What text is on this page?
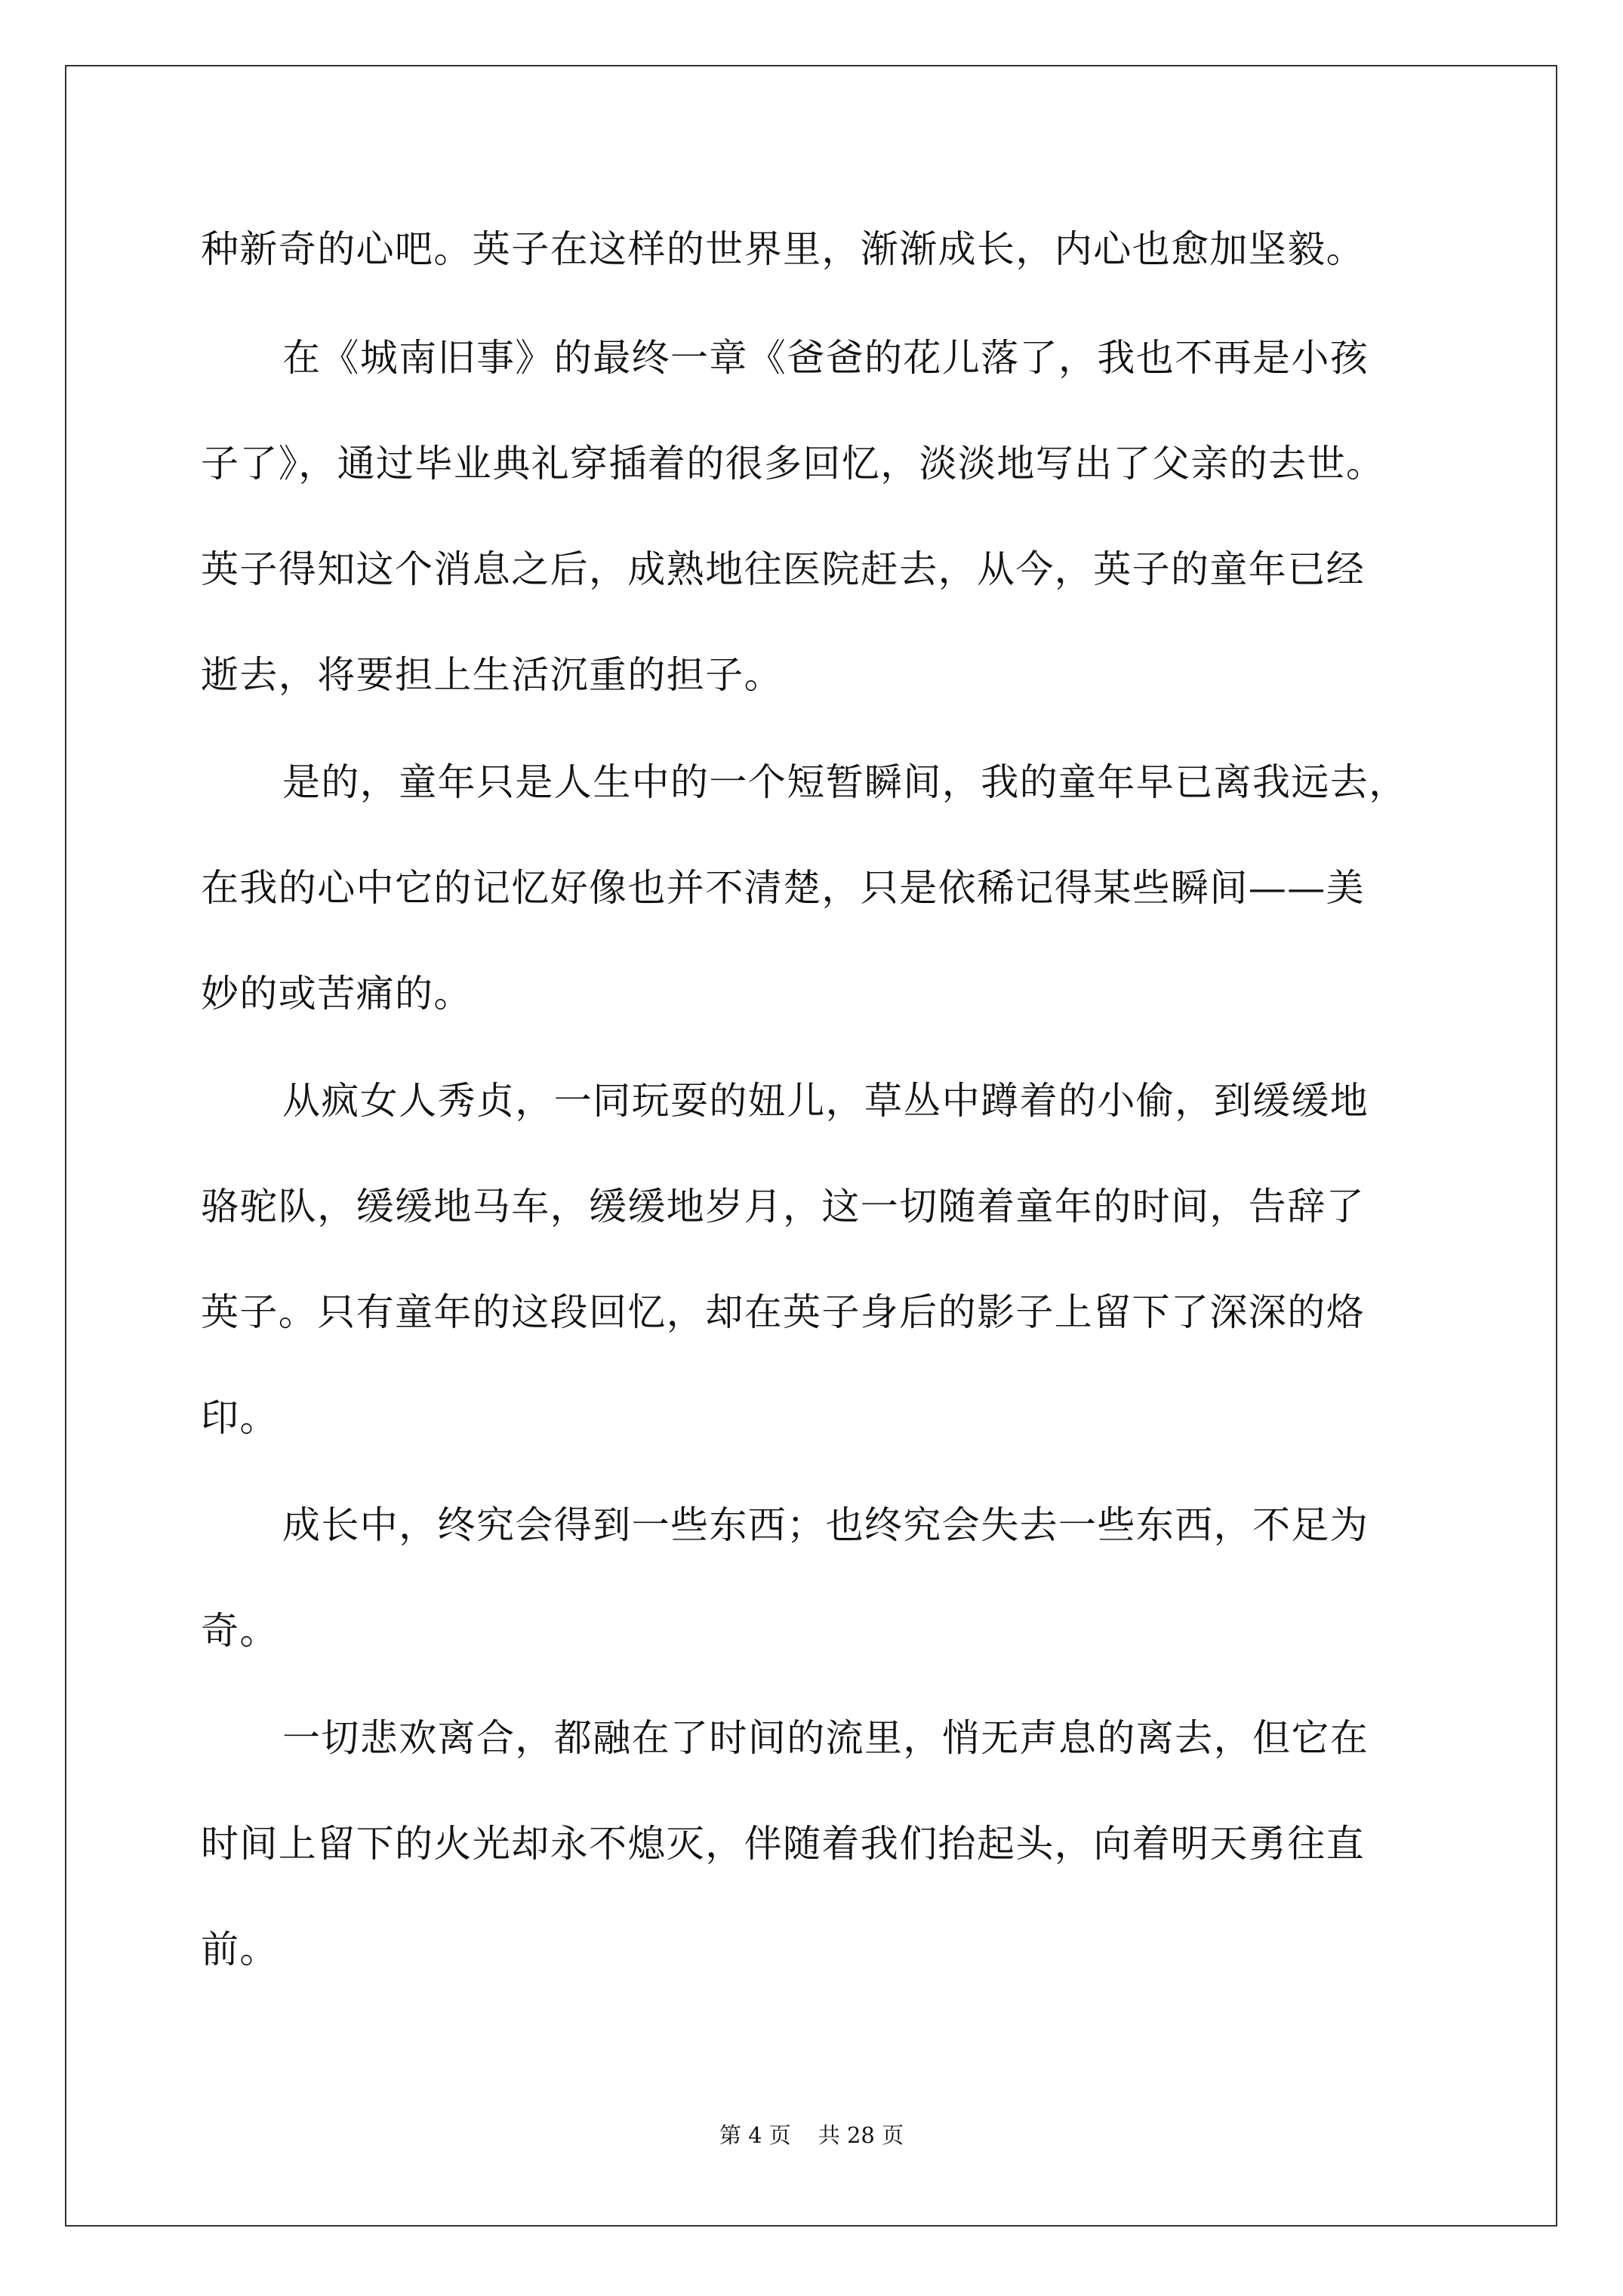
种新奇的心吧。英子在这样的世界里，渐渐成长，内心也愈加坚毅。
在《城南旧事》的最终一章《爸爸的花儿落了，我也不再是小孩
子了》，通过毕业典礼穿插着的很多回忆，淡淡地写出了父亲的去世。
英子得知这个消息之后，成熟地往医院赶去，从今，英子的童年已经
逝去，将要担上生活沉重的担子。
是的，童年只是人生中的一个短暂瞬间，我的童年早已离我远去，
在我的心中它的记忆好像也并不清楚，只是依稀记得某些瞬间——美
妙的或苦痛的。
从疯女人秀贞，一同玩耍的妞儿，草丛中蹲着的小偷，到缓缓地
骆驼队，缓缓地马车，缓缓地岁月，这一切随着童年的时间，告辞了
英子。只有童年的这段回忆，却在英子身后的影子上留下了深深的烙
印。
成长中，终究会得到一些东西；也终究会失去一些东西，不足为
奇。
一切悲欢离合，都融在了时间的流里，悄无声息的离去，但它在
时间上留下的火光却永不熄灭，伴随着我们抬起头，向着明天勇往直
前。
第 4 页 共 28 页
